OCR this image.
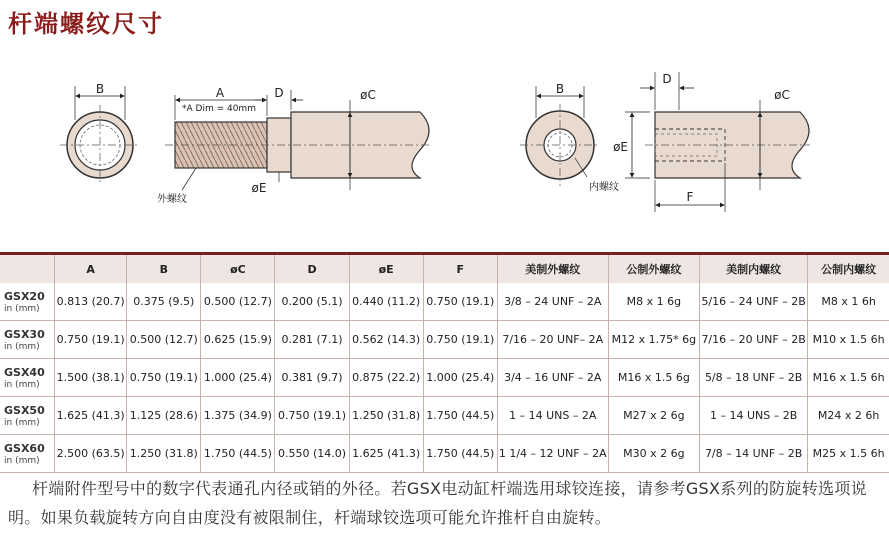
杆端螺纹尺寸
B	A
*A Dim = 40mm
D	øC
øE
外螺纹
B
内螺纹
D
øE
øC
F
	A	B	øC	D	øE	F	美制外螺纹	公制外螺纹	美制内螺纹	公制内螺纹

GSX20
in (mm)	0.813 (20.7)	0.375 (9.5)	0.500 (12.7)	0.200 (5.1)	0.440 (11.2)	0.750 (19.1)	3/8 – 24 UNF – 2A	M8 x 1 6g	5/16 – 24 UNF – 2B	M8 x 1 6h

GSX30
in (mm)	0.750 (19.1)	0.500 (12.7)	0.625 (15.9)	0.281 (7.1)	0.562 (14.3)	0.750 (19.1)	7/16 – 20 UNF– 2A	M12 x 1.75* 6g	7/16 – 20 UNF – 2B	M10 x 1.5 6h

GSX40
in (mm)	1.500 (38.1)	0.750 (19.1)	1.000 (25.4)	0.381 (9.7)	0.875 (22.2)	1.000 (25.4)	3/4 – 16 UNF – 2A	M16 x 1.5 6g	5/8 – 18 UNF – 2B	M16 x 1.5 6h

GSX50
in (mm)	1.625 (41.3)	1.125 (28.6)	1.375 (34.9)	0.750 (19.1)	1.250 (31.8)	1.750 (44.5)	1 – 14 UNS – 2A	M27 x 2 6g	1 – 14 UNS – 2B	M24 x 2 6h

GSX60
in (mm)	2.500 (63.5)	1.250 (31.8)	1.750 (44.5)	0.550 (14.0)	1.625 (41.3)	1.750 (44.5)	1 1/4 – 12 UNF – 2A	M30 x 2 6g	7/8 – 14 UNF – 2B	M25 x 1.5 6h
杆端附件型号中的数字代表通孔内径或销的外径。若GSX电动缸杆端选用球铰连接，请参考GSX系列的防旋转选项说明。如果负载旋转方向自由度没有被限制住，杆端球铰选项可能允许推杆自由旋转。
